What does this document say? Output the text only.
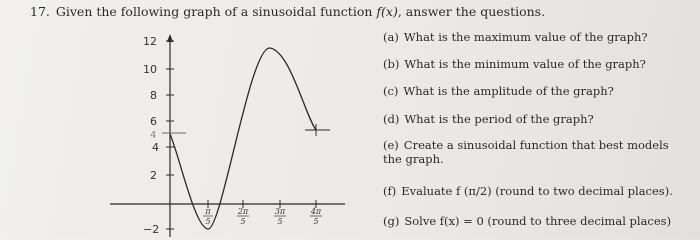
17. Given the following graph of a sinusoidal function f(x), answer the questions.
12
10
8
6
4
2
−2
π
5
2π
5
3π
5
4π
5
4
(a) What is the maximum value of the graph?
(b) What is the minimum value of the graph?
(c) What is the amplitude of the graph?
(d) What is the period of the graph?
(e) Create a sinusoidal function that best models the graph.
(f) Evaluate f (π/2) (round to two decimal places).
(g) Solve f(x) = 0 (round to three decimal places)
